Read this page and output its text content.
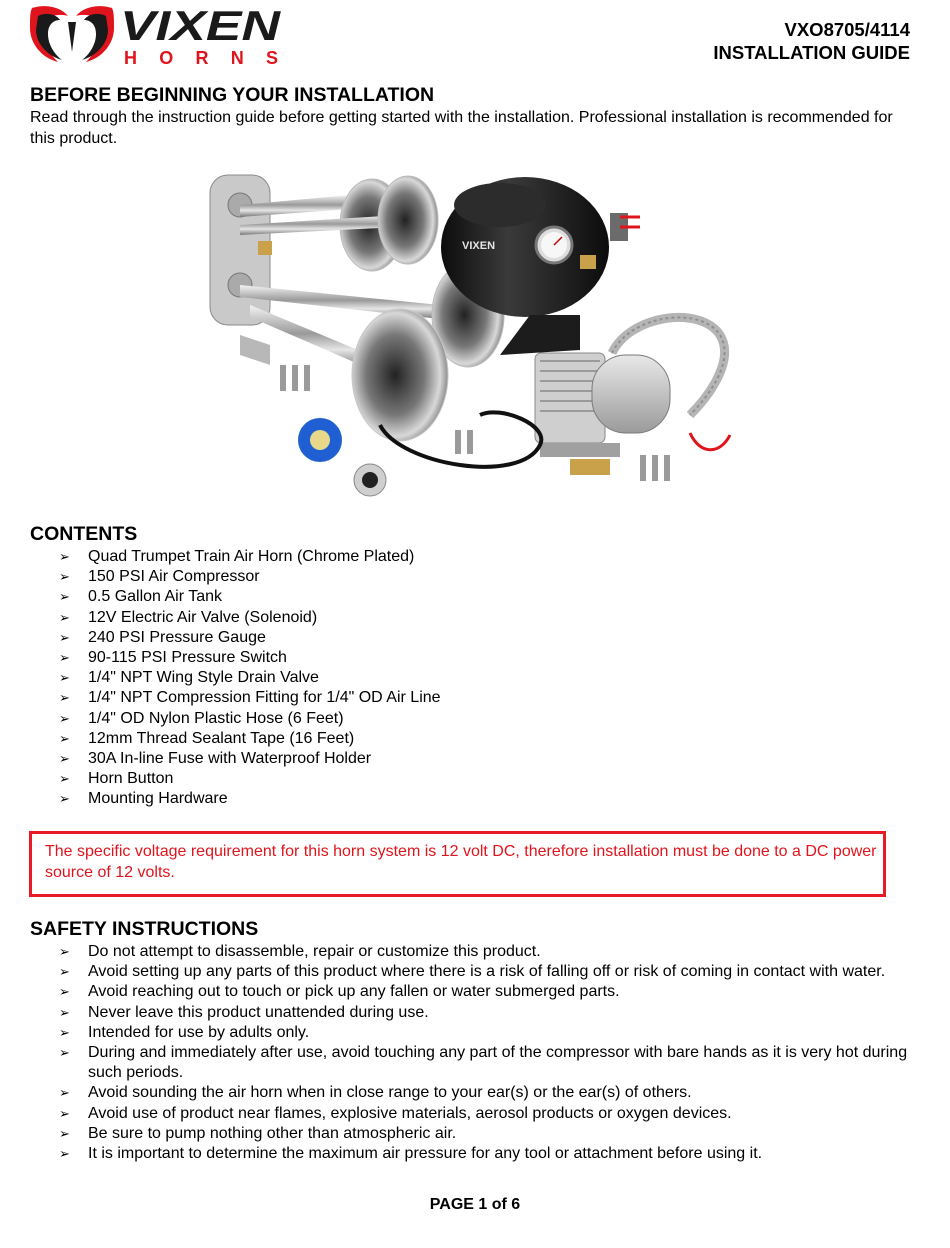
VIXEN
HORNS
VXO8705/4114
INSTALLATION GUIDE
BEFORE BEGINNING YOUR INSTALLATION

Read through the instruction guide before getting started with the installation. Professional installation is recommended for this product.

VIXEN
CONTENTS
➢ Quad Trumpet Train Air Horn (Chrome Plated)
➢ 150 PSI Air Compressor
➢ 0.5 Gallon Air Tank
➢ 12V Electric Air Valve (Solenoid)
➢ 240 PSI Pressure Gauge
➢ 90-115 PSI Pressure Switch
➢ 1/4" NPT Wing Style Drain Valve
➢ 1/4" NPT Compression Fitting for 1/4" OD Air Line
➢ 1/4" OD Nylon Plastic Hose (6 Feet)
➢ 12mm Thread Sealant Tape (16 Feet)
➢ 30A In-line Fuse with Waterproof Holder
➢ Horn Button
➢ Mounting Hardware
The specific voltage requirement for this horn system is 12 volt DC, therefore installation must be done to a DC power source of 12 volts.
SAFETY INSTRUCTIONS
➢ Do not attempt to disassemble, repair or customize this product.
➢ Avoid setting up any parts of this product where there is a risk of falling off or risk of coming in contact with water.
➢ Avoid reaching out to touch or pick up any fallen or water submerged parts.
➢ Never leave this product unattended during use.
➢ Intended for use by adults only.
➢ During and immediately after use, avoid touching any part of the compressor with bare hands as it is very hot during such periods.
➢ Avoid sounding the air horn when in close range to your ear(s) or the ear(s) of others.
➢ Avoid use of product near flames, explosive materials, aerosol products or oxygen devices.
➢ Be sure to pump nothing other than atmospheric air.
➢ It is important to determine the maximum air pressure for any tool or attachment before using it.
PAGE 1 of 6
